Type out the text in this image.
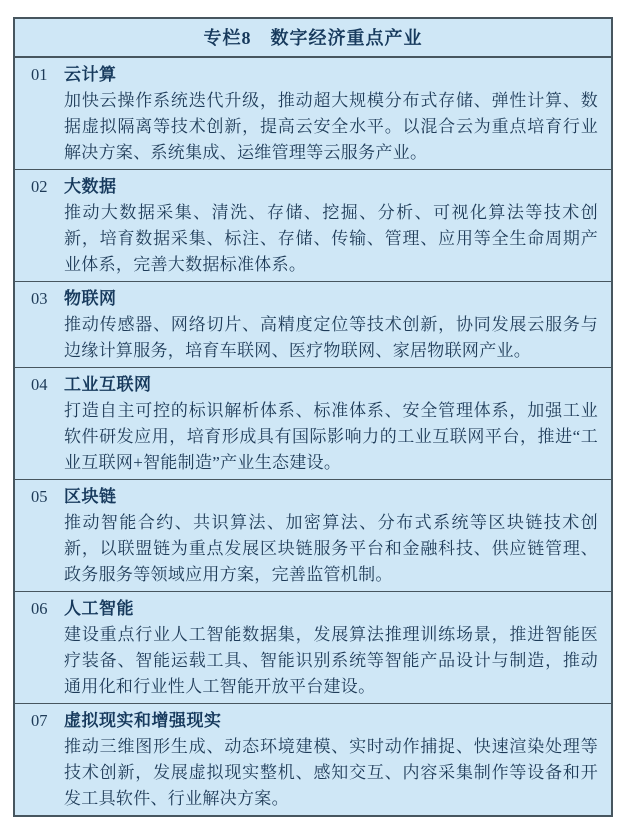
专栏8　数字经济重点产业
01 云计算

加快云操作系统迭代升级，推动超大规模分布式存储、弹性计算、数据虚拟隔离等技术创新，提高云安全水平。以混合云为重点培育行业解决方案、系统集成、运维管理等云服务产业。

02 大数据

推动大数据采集、清洗、存储、挖掘、分析、可视化算法等技术创新，培育数据采集、标注、存储、传输、管理、应用等全生命周期产业体系，完善大数据标准体系。

03 物联网

推动传感器、网络切片、高精度定位等技术创新，协同发展云服务与边缘计算服务，培育车联网、医疗物联网、家居物联网产业。

04 工业互联网

打造自主可控的标识解析体系、标准体系、安全管理体系，加强工业软件研发应用，培育形成具有国际影响力的工业互联网平台，推进“工业互联网+智能制造”产业生态建设。

05 区块链

推动智能合约、共识算法、加密算法、分布式系统等区块链技术创新，以联盟链为重点发展区块链服务平台和金融科技、供应链管理、政务服务等领域应用方案，完善监管机制。

06 人工智能

建设重点行业人工智能数据集，发展算法推理训练场景，推进智能医疗装备、智能运载工具、智能识别系统等智能产品设计与制造，推动通用化和行业性人工智能开放平台建设。

07 虚拟现实和增强现实

推动三维图形生成、动态环境建模、实时动作捕捉、快速渲染处理等技术创新，发展虚拟现实整机、感知交互、内容采集制作等设备和开发工具软件、行业解决方案。
